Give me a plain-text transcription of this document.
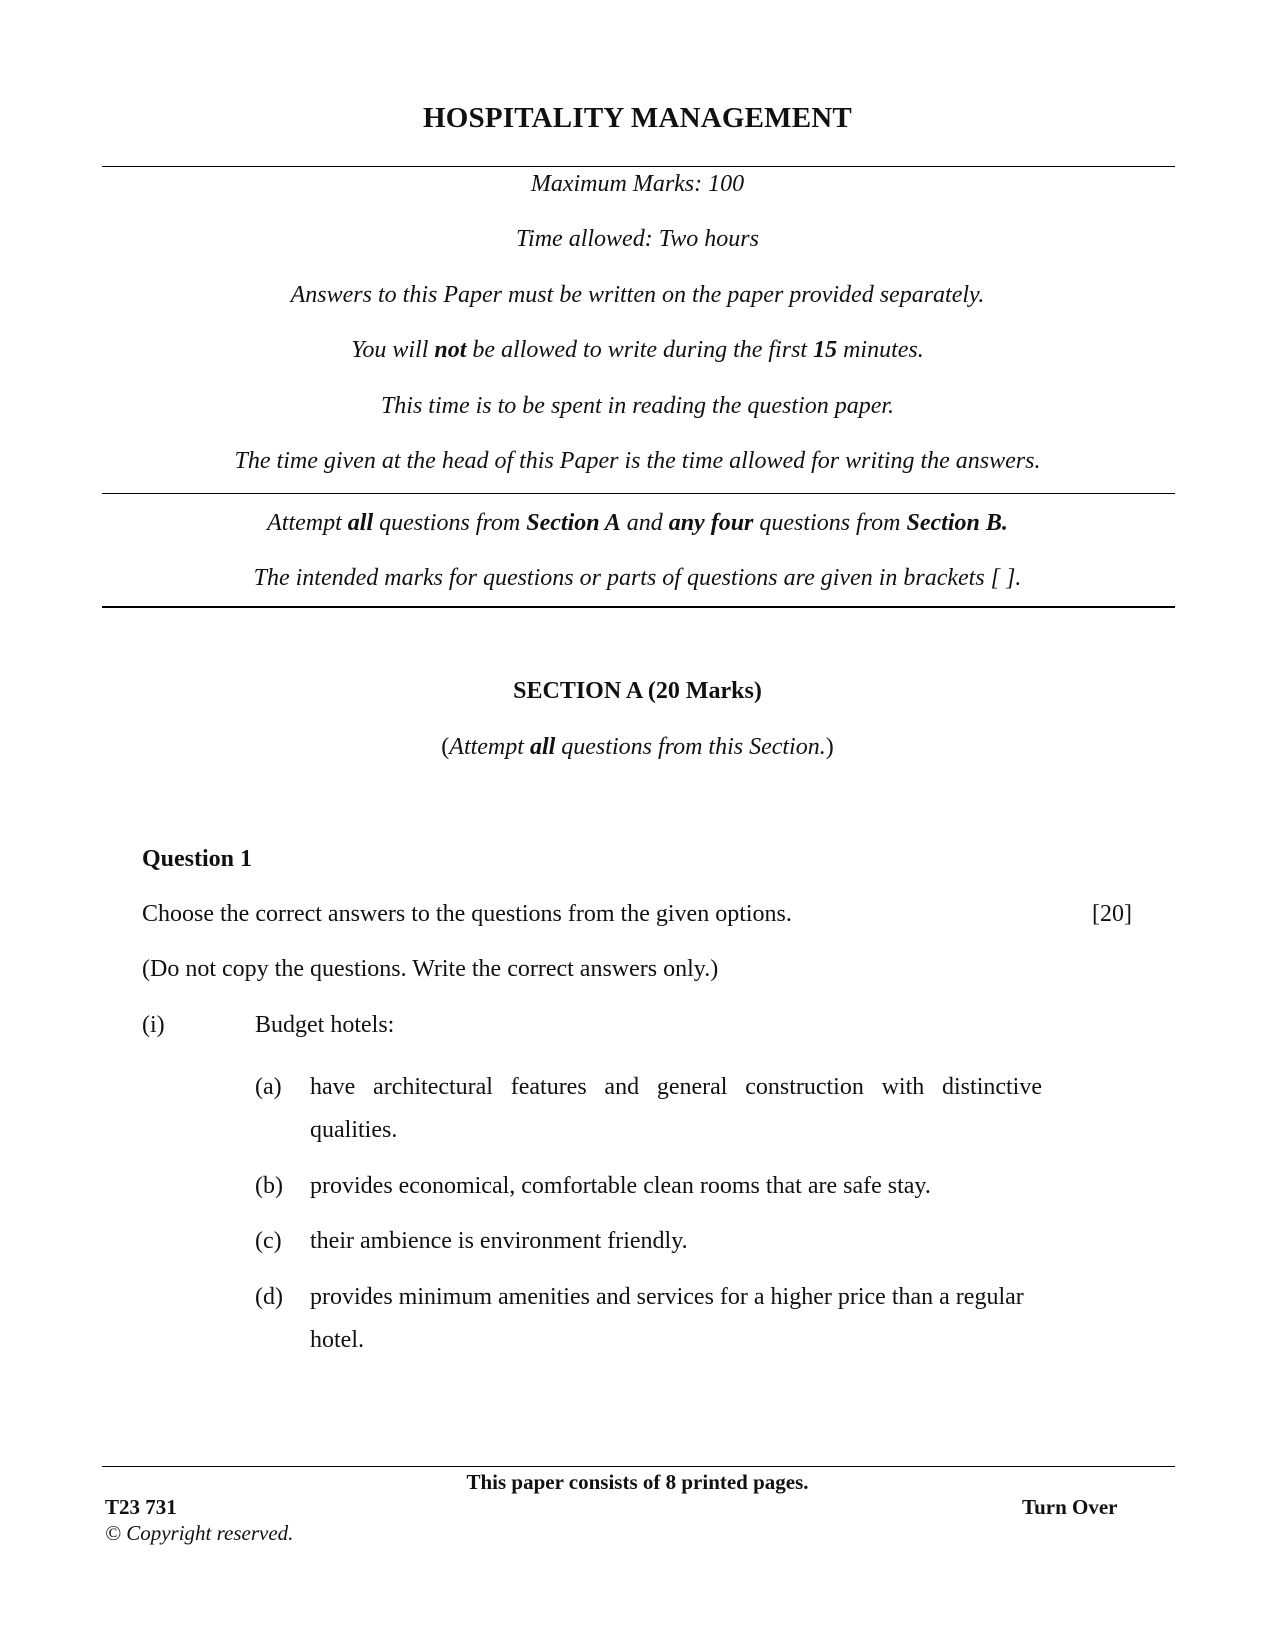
HOSPITALITY MANAGEMENT
Maximum Marks: 100
Time allowed: Two hours
Answers to this Paper must be written on the paper provided separately.
You will not be allowed to write during the first 15 minutes.
This time is to be spent in reading the question paper.
The time given at the head of this Paper is the time allowed for writing the answers.
Attempt all questions from Section A and any four questions from Section B.
The intended marks for questions or parts of questions are given in brackets [ ].
SECTION A (20 Marks)
(Attempt all questions from this Section.)
Question 1
Choose the correct answers to the questions from the given options.	[20]
(Do not copy the questions. Write the correct answers only.)
(i)	Budget hotels:
(a) have architectural features and general construction with distinctive
qualities.
(b) provides economical, comfortable clean rooms that are safe stay.
(c) their ambience is environment friendly.
(d) provides minimum amenities and services for a higher price than a regular
hotel.
This paper consists of 8 printed pages.
T23 731	Turn Over
© Copyright reserved.
